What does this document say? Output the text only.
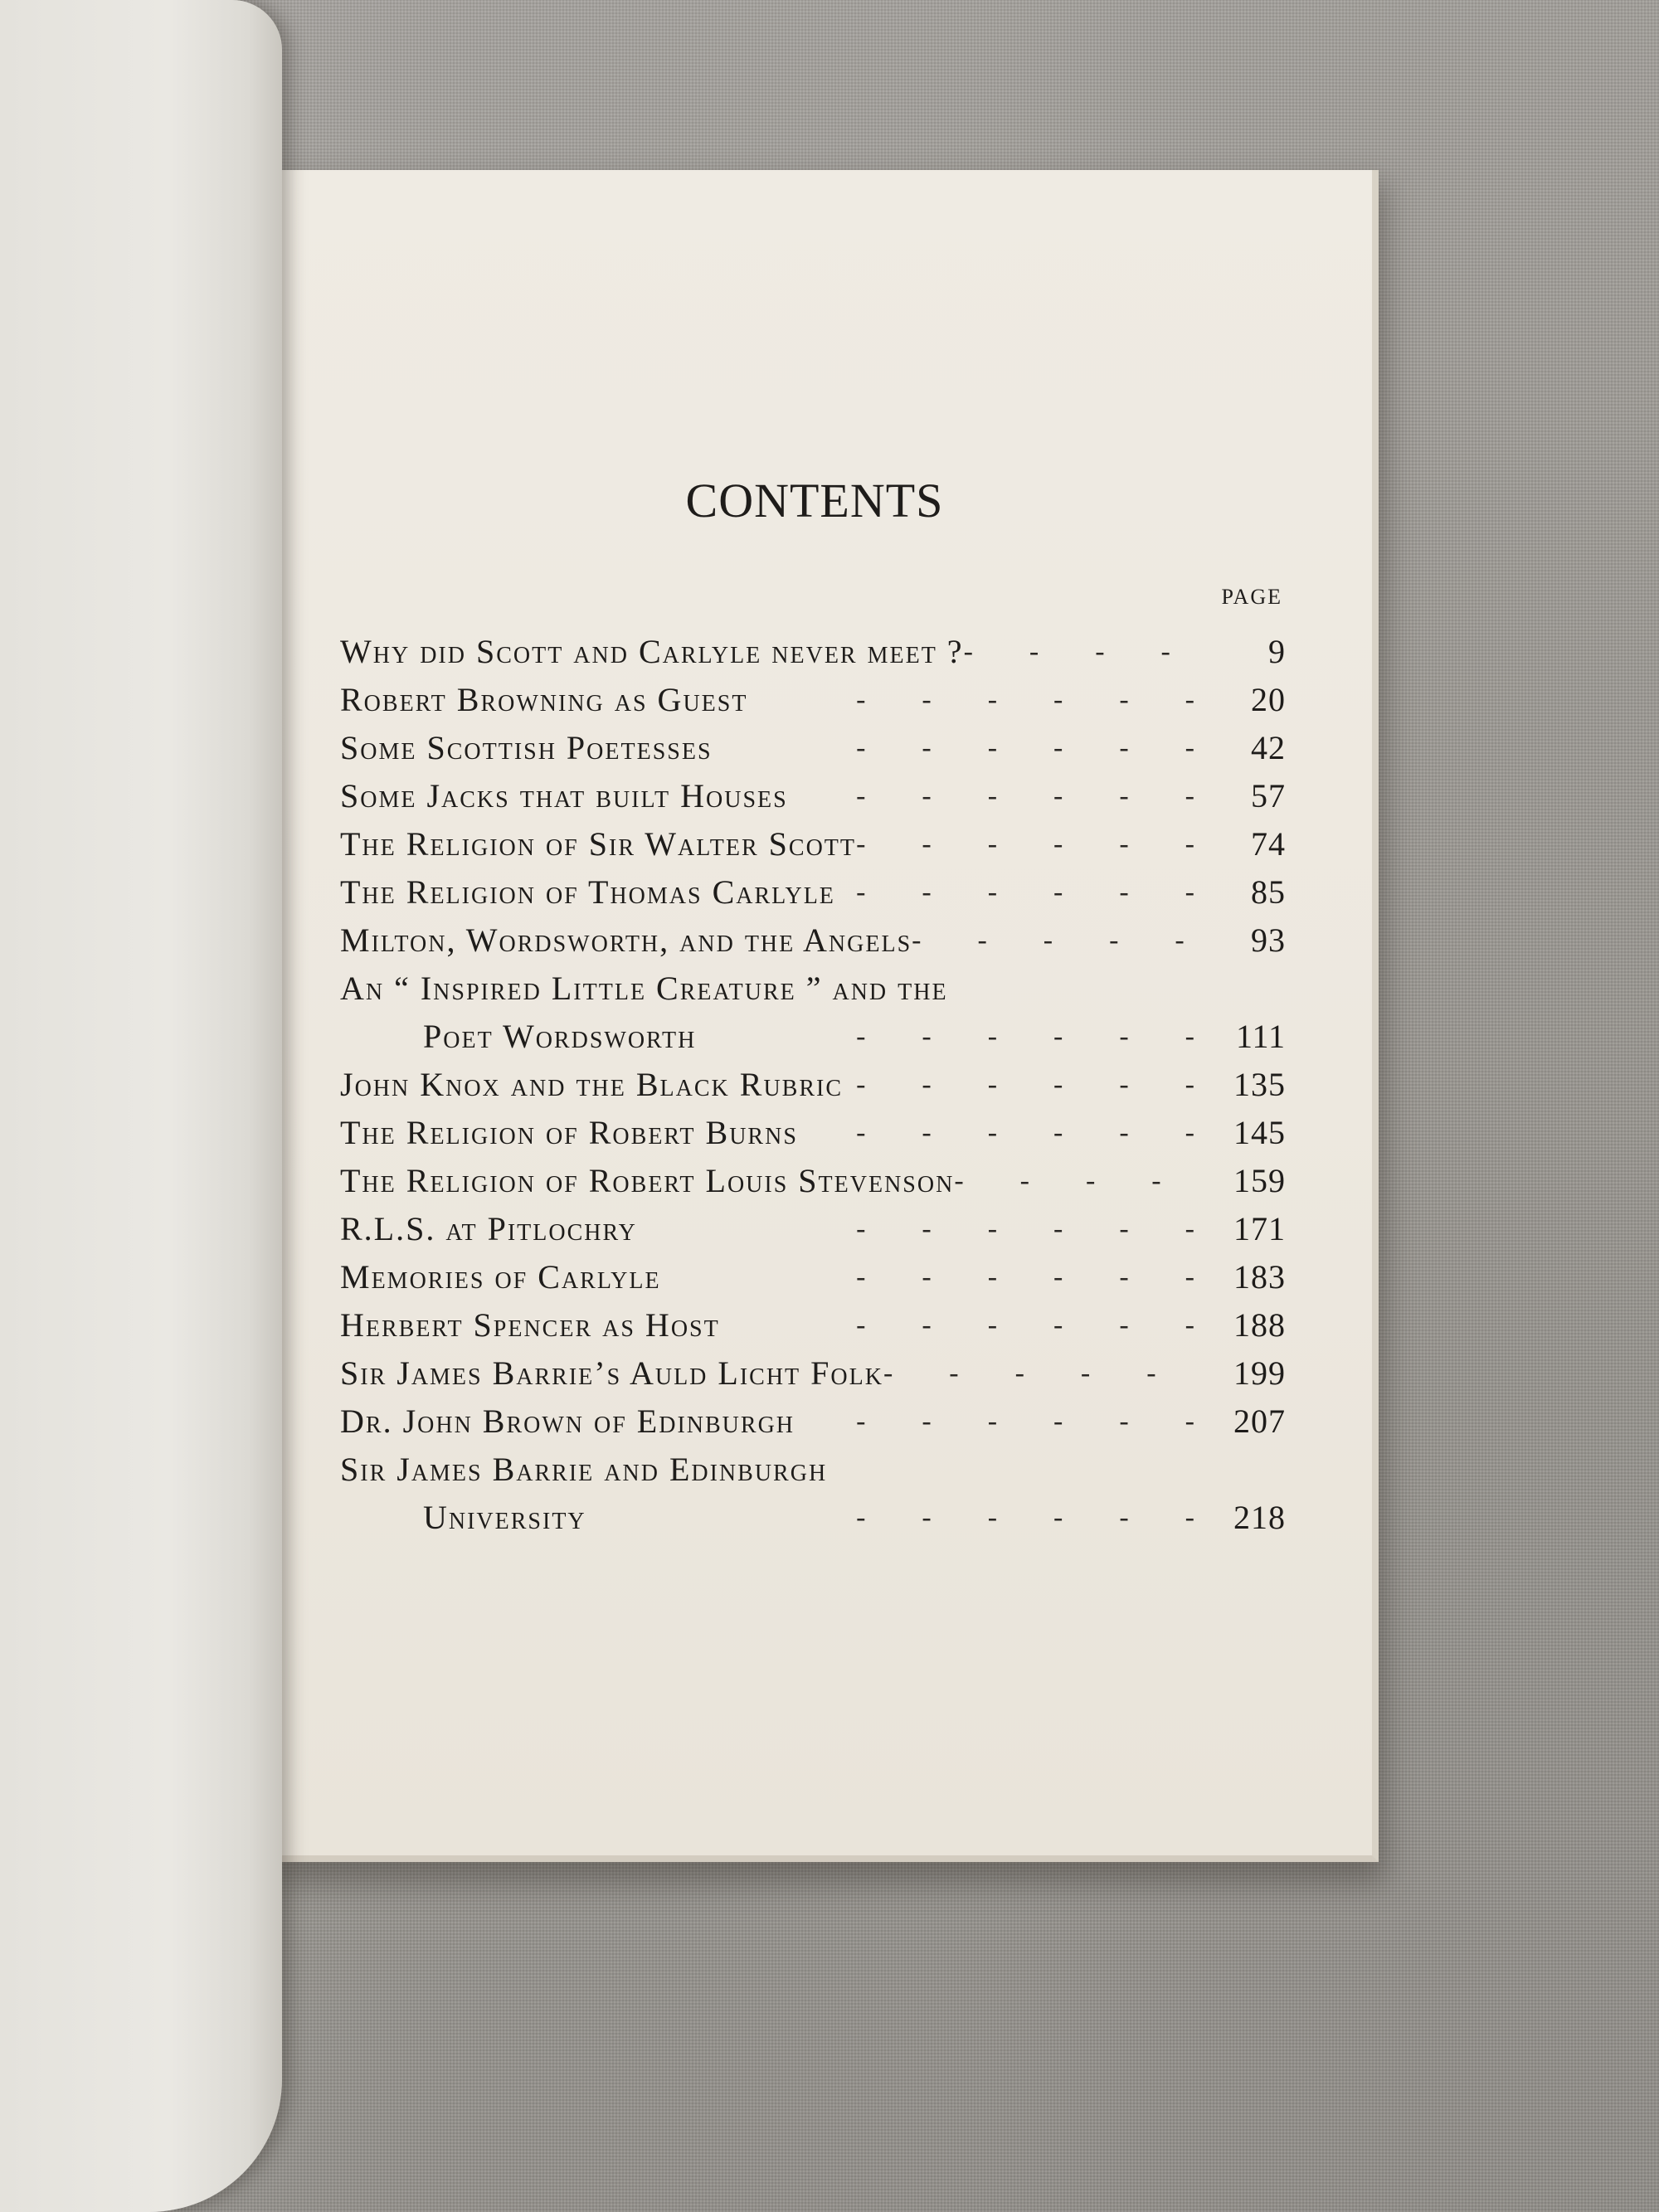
CONTENTS
PAGE
Why did Scott and Carlyle never meet ? -	9
Robert Browning as Guest -	20
Some Scottish Poetesses -	42
Some Jacks that built Houses -	57
The Religion of Sir Walter Scott -	74
The Religion of Thomas Carlyle -	85
Milton, Wordsworth, and the Angels -	93
An “ Inspired Little Creature ” and the
Poet Wordsworth -	111
John Knox and the Black Rubric -	135
The Religion of Robert Burns -	145
The Religion of Robert Louis Stevenson -	159
R.L.S. at Pitlochry -	171
Memories of Carlyle -	183
Herbert Spencer as Host -	188
Sir James Barrie’s Auld Licht Folk -	199
Dr. John Brown of Edinburgh -	207
Sir James Barrie and Edinburgh
University -	218
